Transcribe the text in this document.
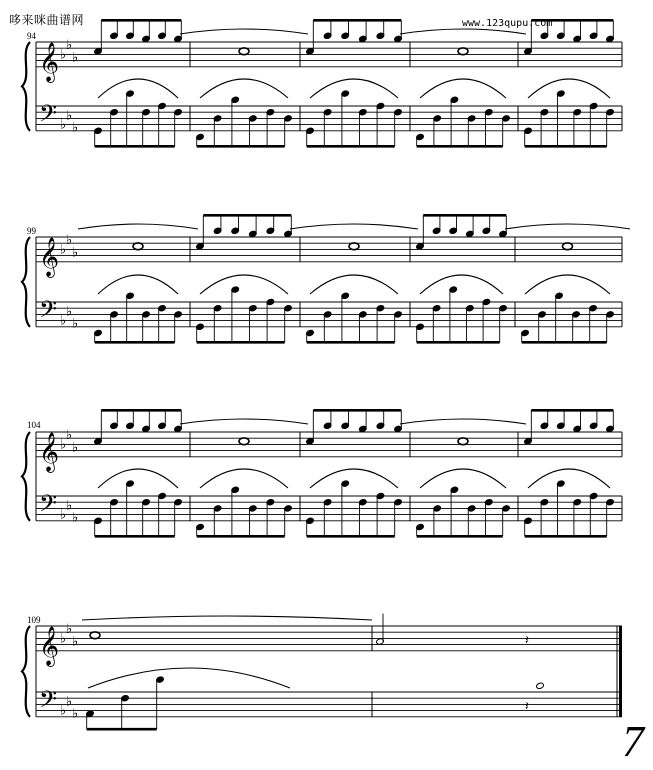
哆来咪曲谱网	www.123qupu.com
94
99
104
109
7
𝄞
𝄢
♭
♭
♭
♭
♭
♭
𝄞
𝄢
♭
♭
♭
♭
♭
♭
𝄞
𝄢
♭
♭
♭
♭
♭
♭
𝄞
𝄢
♭
♭
♭
♭
♭
♭
𝄽
𝄽
